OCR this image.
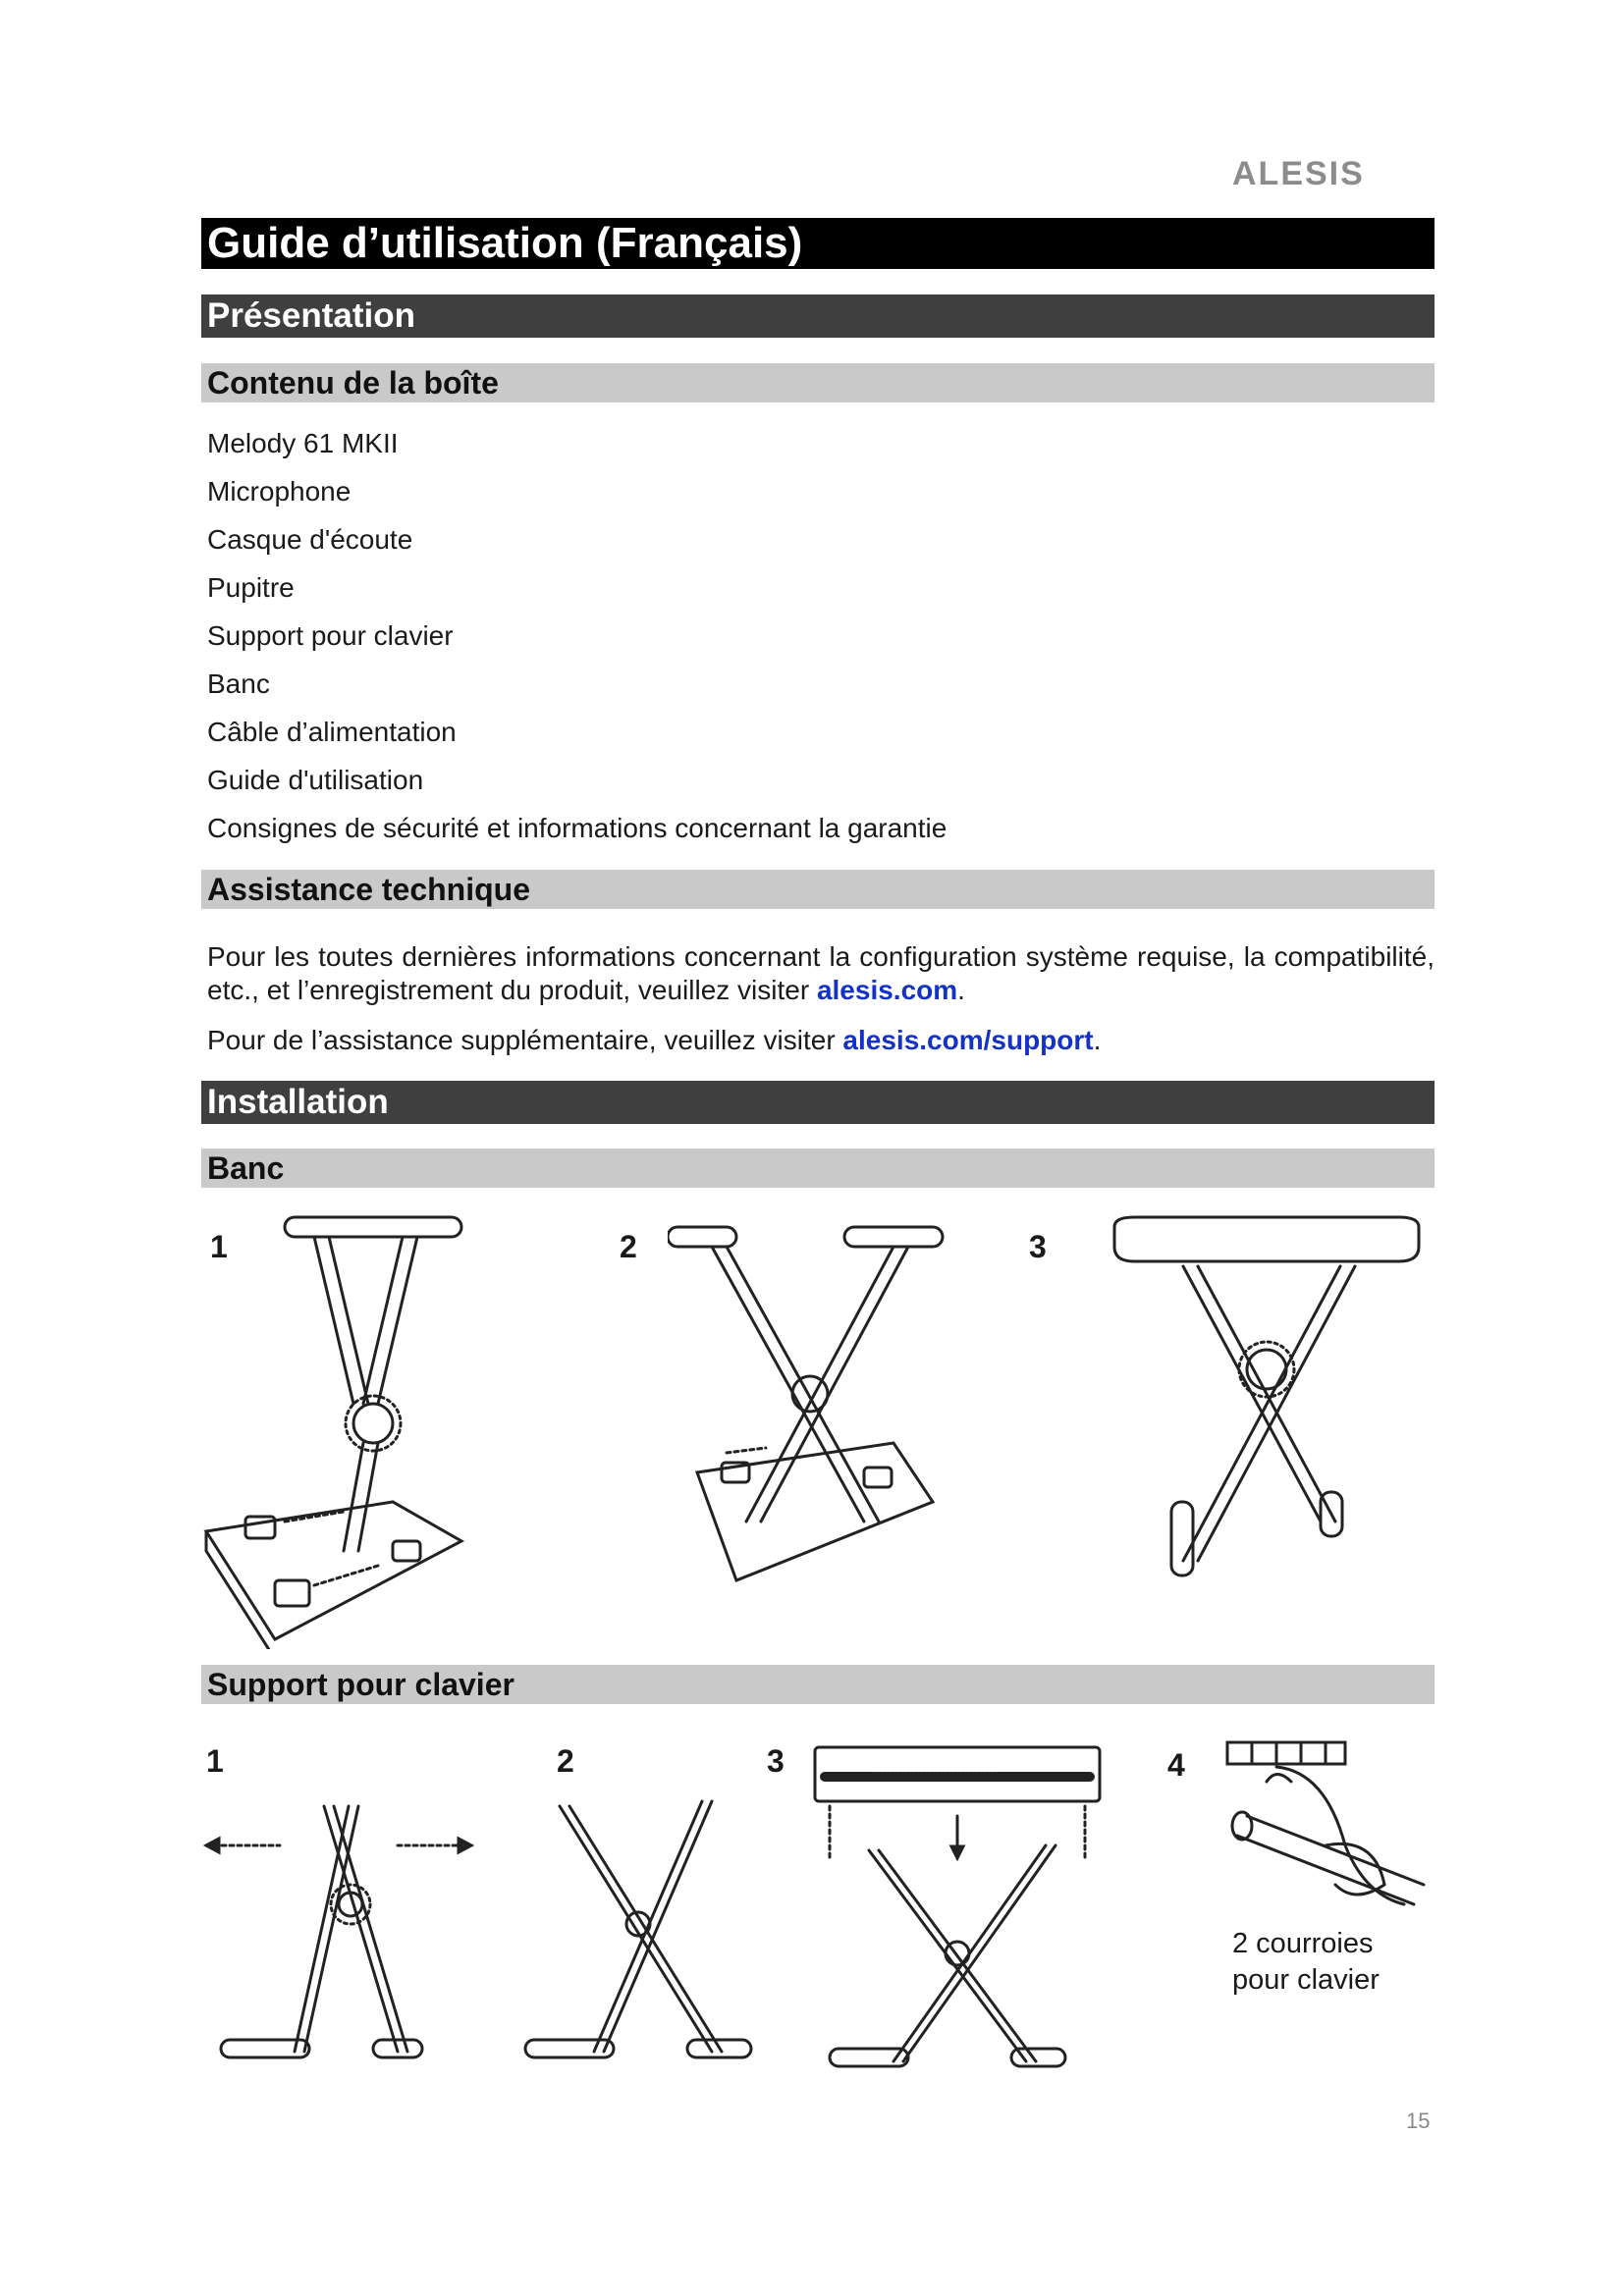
ALESIS
Guide d’utilisation (Français)
Présentation
Contenu de la boîte
Melody 61 MKII
Microphone
Casque d'écoute
Pupitre
Support pour clavier
Banc
Câble d’alimentation
Guide d'utilisation
Consignes de sécurité et informations concernant la garantie
Assistance technique

Pour les toutes dernières informations concernant la configuration système requise, la compatibilité, etc., et l’enregistrement du produit, veuillez visiter alesis.com.

Pour de l’assistance supplémentaire, veuillez visiter alesis.com/support.

Installation
Banc
1	2	3
Support pour clavier
1	2	3	4
2 courroies
pour clavier
15
